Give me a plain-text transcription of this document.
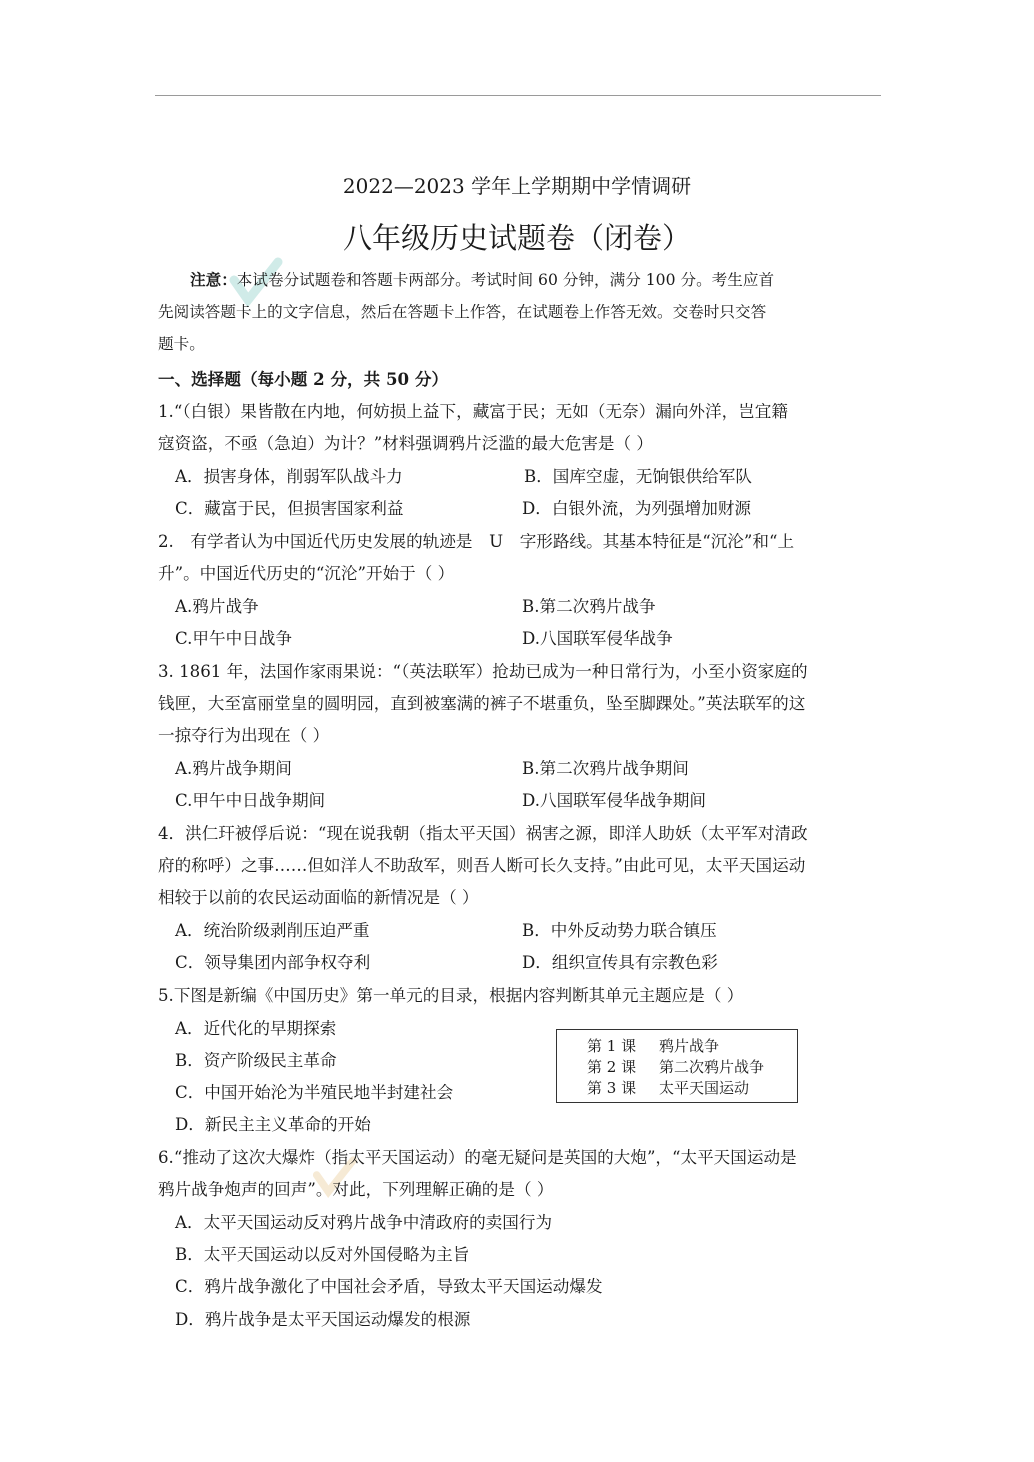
2022—2023 学年上学期期中学情调研
八年级历史试题卷（闭卷）
注意：本试卷分试题卷和答题卡两部分。考试时间 60 分钟，满分 100 分。考生应首
先阅读答题卡上的文字信息，然后在答题卡上作答，在试题卷上作答无效。交卷时只交答
题卡。
一、选择题（每小题 2 分，共 50 分）
1.“（白银）果皆散在内地，何妨损上益下，藏富于民；无如（无奈）漏向外洋，岂宜籍
寇资盗，不亟（急迫）为计？”材料强调鸦片泛滥的最大危害是（ ）
A．损害身体，削弱军队战斗力	B．国库空虚，无饷银供给军队
C．藏富于民，但损害国家利益	D．白银外流，为列强增加财源
2.　有学者认为中国近代历史发展的轨迹是　U　字形路线。其基本特征是“沉沦”和“上
升”。中国近代历史的“沉沦”开始于（ ）
A.鸦片战争	B.第二次鸦片战争
C.甲午中日战争	D.八国联军侵华战争
3. 1861 年，法国作家雨果说：“（英法联军）抢劫已成为一种日常行为，小至小资家庭的
钱匣，大至富丽堂皇的圆明园，直到被塞满的裤子不堪重负，坠至脚踝处。”英法联军的这
一掠夺行为出现在（ ）
A.鸦片战争期间	B.第二次鸦片战争期间
C.甲午中日战争期间	D.八国联军侵华战争期间
4．洪仁玕被俘后说：“现在说我朝（指太平天国）祸害之源，即洋人助妖（太平军对清政
府的称呼）之事……但如洋人不助敌军，则吾人断可长久支持。”由此可见，太平天国运动
相较于以前的农民运动面临的新情况是（ ）
A．统治阶级剥削压迫严重	B．中外反动势力联合镇压
C．领导集团内部争权夺利	D．组织宣传具有宗教色彩
5.下图是新编《中国历史》第一单元的目录，根据内容判断其单元主题应是（ ）
A．近代化的早期探索
B．资产阶级民主革命
C．中国开始沦为半殖民地半封建社会
D．新民主主义革命的开始
第 1 课 鸦片战争
第 2 课 第二次鸦片战争
第 3 课 太平天国运动
6.“推动了这次大爆炸（指太平天国运动）的毫无疑问是英国的大炮”，“太平天国运动是
鸦片战争炮声的回声”。对此，下列理解正确的是（ ）
A．太平天国运动反对鸦片战争中清政府的卖国行为
B．太平天国运动以反对外国侵略为主旨
C．鸦片战争激化了中国社会矛盾，导致太平天国运动爆发
D．鸦片战争是太平天国运动爆发的根源
